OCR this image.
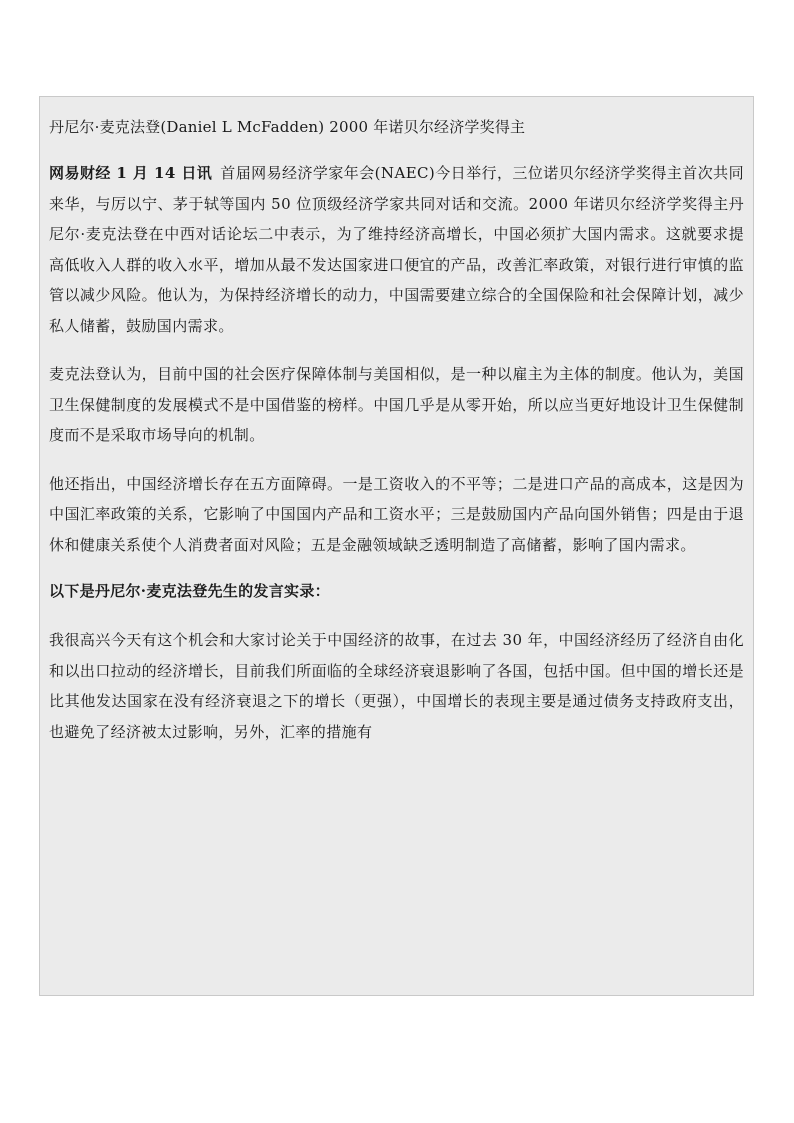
丹尼尔·麦克法登(Daniel L McFadden) 2000 年诺贝尔经济学奖得主
网易财经 1 月 14 日讯 首届网易经济学家年会(NAEC)今日举行，三位诺贝尔经济学奖得主首次共同来华，与厉以宁、茅于轼等国内 50 位顶级经济学家共同对话和交流。2000 年诺贝尔经济学奖得主丹尼尔·麦克法登在中西对话论坛二中表示，为了维持经济高增长，中国必须扩大国内需求。这就要求提高低收入人群的收入水平，增加从最不发达国家进口便宜的产品，改善汇率政策，对银行进行审慎的监管以减少风险。他认为，为保持经济增长的动力，中国需要建立综合的全国保险和社会保障计划，减少私人储蓄，鼓励国内需求。
麦克法登认为，目前中国的社会医疗保障体制与美国相似，是一种以雇主为主体的制度。他认为，美国卫生保健制度的发展模式不是中国借鉴的榜样。中国几乎是从零开始，所以应当更好地设计卫生保健制度而不是采取市场导向的机制。
他还指出，中国经济增长存在五方面障碍。一是工资收入的不平等；二是进口产品的高成本，这是因为中国汇率政策的关系，它影响了中国国内产品和工资水平；三是鼓励国内产品向国外销售；四是由于退休和健康关系使个人消费者面对风险；五是金融领域缺乏透明制造了高储蓄，影响了国内需求。
以下是丹尼尔·麦克法登先生的发言实录：
我很高兴今天有这个机会和大家讨论关于中国经济的故事，在过去 30 年，中国经济经历了经济自由化和以出口拉动的经济增长，目前我们所面临的全球经济衰退影响了各国，包括中国。但中国的增长还是比其他发达国家在没有经济衰退之下的增长（更强），中国增长的表现主要是通过债务支持政府支出，也避免了经济被太过影响，另外，汇率的措施有
